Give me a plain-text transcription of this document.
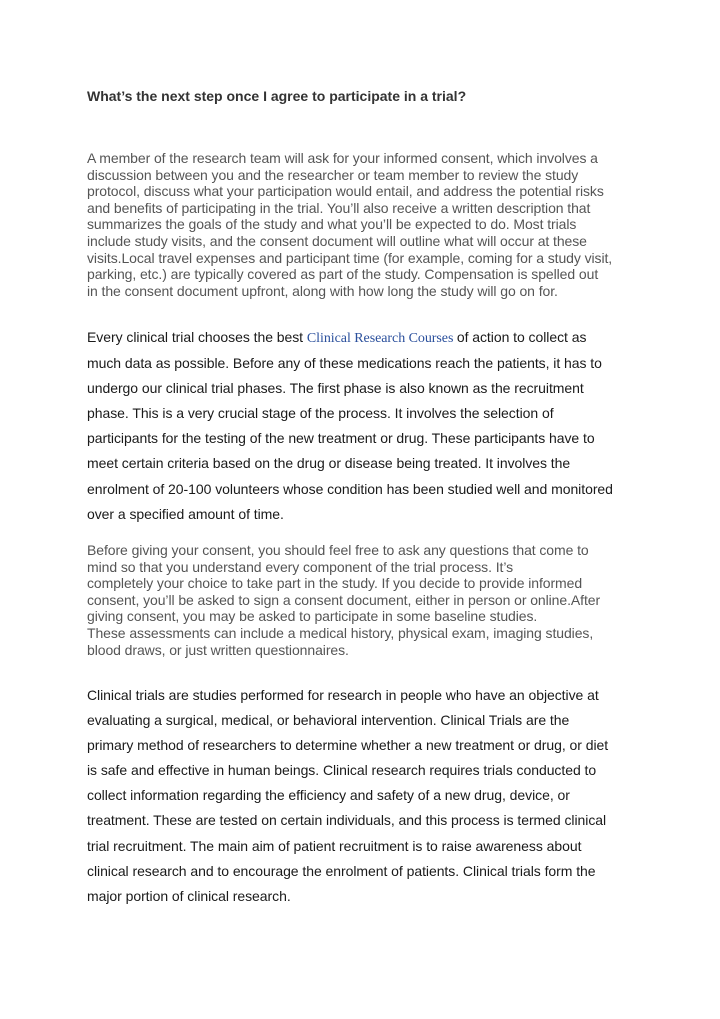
What’s the next step once I agree to participate in a trial?
A member of the research team will ask for your informed consent, which involves a
discussion between you and the researcher or team member to review the study
protocol, discuss what your participation would entail, and address the potential risks
and benefits of participating in the trial. You’ll also receive a written description that
summarizes the goals of the study and what you’ll be expected to do. Most trials
include study visits, and the consent document will outline what will occur at these
visits.Local travel expenses and participant time (for example, coming for a study visit,
parking, etc.) are typically covered as part of the study. Compensation is spelled out
in the consent document upfront, along with how long the study will go on for.
Every clinical trial chooses the best Clinical Research Courses of action to collect as
much data as possible. Before any of these medications reach the patients, it has to
undergo our clinical trial phases. The first phase is also known as the recruitment
phase. This is a very crucial stage of the process. It involves the selection of
participants for the testing of the new treatment or drug. These participants have to
meet certain criteria based on the drug or disease being treated. It involves the
enrolment of 20-100 volunteers whose condition has been studied well and monitored
over a specified amount of time.
Before giving your consent, you should feel free to ask any questions that come to
mind so that you understand every component of the trial process. It’s
completely your choice to take part in the study. If you decide to provide informed
consent, you’ll be asked to sign a consent document, either in person or online.After
giving consent, you may be asked to participate in some baseline studies.
These assessments can include a medical history, physical exam, imaging studies,
blood draws, or just written questionnaires.
Clinical trials are studies performed for research in people who have an objective at
evaluating a surgical, medical, or behavioral intervention. Clinical Trials are the
primary method of researchers to determine whether a new treatment or drug, or diet
is safe and effective in human beings. Clinical research requires trials conducted to
collect information regarding the efficiency and safety of a new drug, device, or
treatment. These are tested on certain individuals, and this process is termed clinical
trial recruitment. The main aim of patient recruitment is to raise awareness about
clinical research and to encourage the enrolment of patients. Clinical trials form the
major portion of clinical research.
